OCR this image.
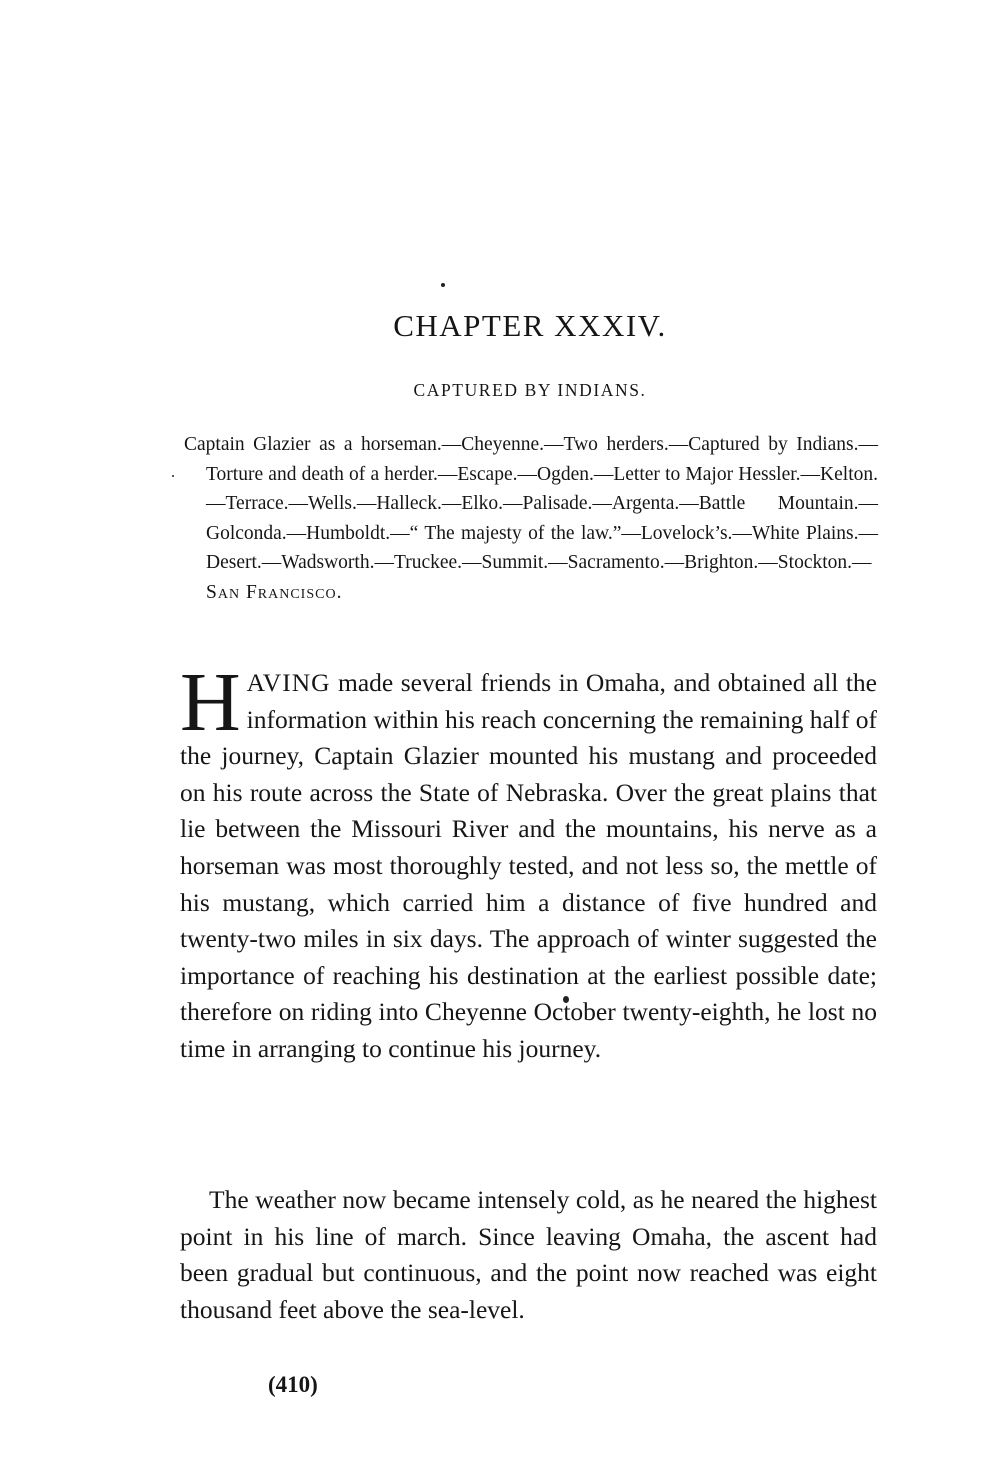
CHAPTER XXXIV.
CAPTURED BY INDIANS.

Captain Glazier as a horseman.—Cheyenne.—Two herders.—Captured by Indians.—Torture and death of a herder.—Escape.—Ogden.—Letter to Major Hessler.—Kelton.—Terrace.—Wells.—Halleck.—Elko.—Palisade.—Argenta.—Battle Mountain.—Golconda.—Humboldt.—“ The majesty of the law.”—Lovelock’s.—White Plains.—Desert.—Wadsworth.—Truckee.—Summit.—Sacramento.—Brighton.—Stockton.—San Francisco.

HAVING made several friends in Omaha, and obtained all the information within his reach concerning the remaining half of the journey, Captain Glazier mounted his mustang and proceeded on his route across the State of Nebraska. Over the great plains that lie between the Missouri River and the mountains, his nerve as a horseman was most thoroughly tested, and not less so, the mettle of his mustang, which carried him a distance of five hundred and twenty-two miles in six days. The approach of winter suggested the importance of reaching his destination at the earliest possible date; therefore on riding into Cheyenne October twenty-eighth, he lost no time in arranging to continue his journey.

The weather now became intensely cold, as he neared the highest point in his line of march. Since leaving Omaha, the ascent had been gradual but continuous, and the point now reached was eight thousand feet above the sea-level.

(410)
